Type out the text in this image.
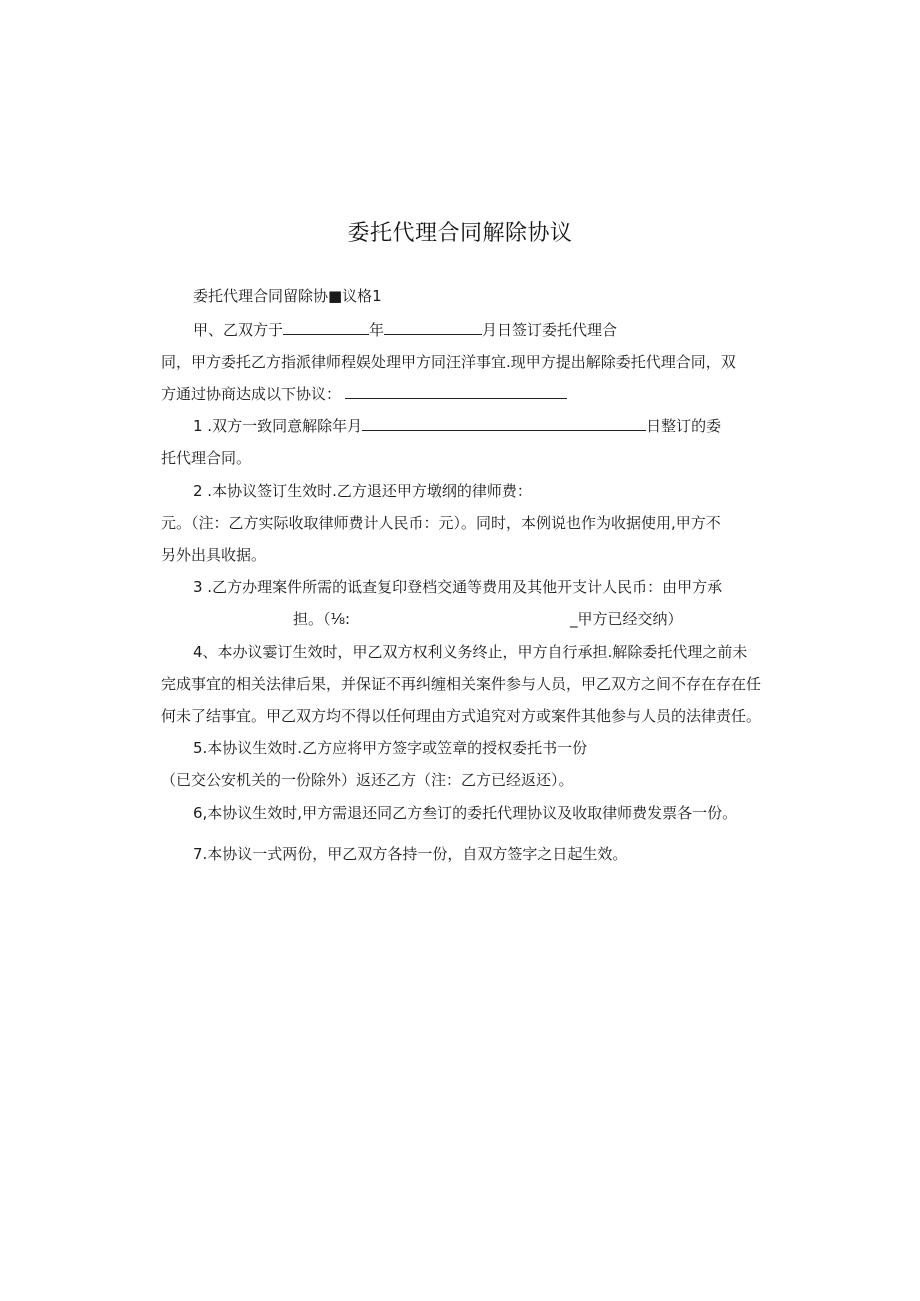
委托代理合同解除协议
委托代理合同留除协■议格1
甲、乙双方于	年	月日签订委托代理合
同，甲方委托乙方指派律师程娱处理甲方同汪洋事宜.现甲方提出解除委托代理合同，双
方通过协商达成以下协议：
1 .双方一致同意解除年月	日整订的委
托代理合同。
2 .本协议签订生效时.乙方退还甲方墩纲的律师费：
元。（注：乙方实际收取律师费计人民币：元）。同时，本例说也作为收据使用,甲方不
另外出具收据。
3 .乙方办理案件所需的诋查复印登档交通等费用及其他开支计人民币：由甲方承
担。（⅛:	_甲方已经交纳）
4、本办议霎订生效时，甲乙双方权利义务终止，甲方自行承担.解除委托代理之前未
完成事宜的相关法律后果，并保证不再纠缠相关案件参与人员，甲乙双方之间不存在存在任
何未了结事宜。甲乙双方均不得以任何理由方式追究对方或案件其他参与人员的法律责任。
5.本协议生效时.乙方应将甲方签字或笠章的授权委托书一份
（已交公安机关的一份除外）返还乙方（注：乙方已经返还）。
6,本协议生效时,甲方需退还同乙方叁订的委托代理协议及收取律师费发票各一份。
7.本协议一式两份，甲乙双方各持一份，自双方签字之日起生效。
